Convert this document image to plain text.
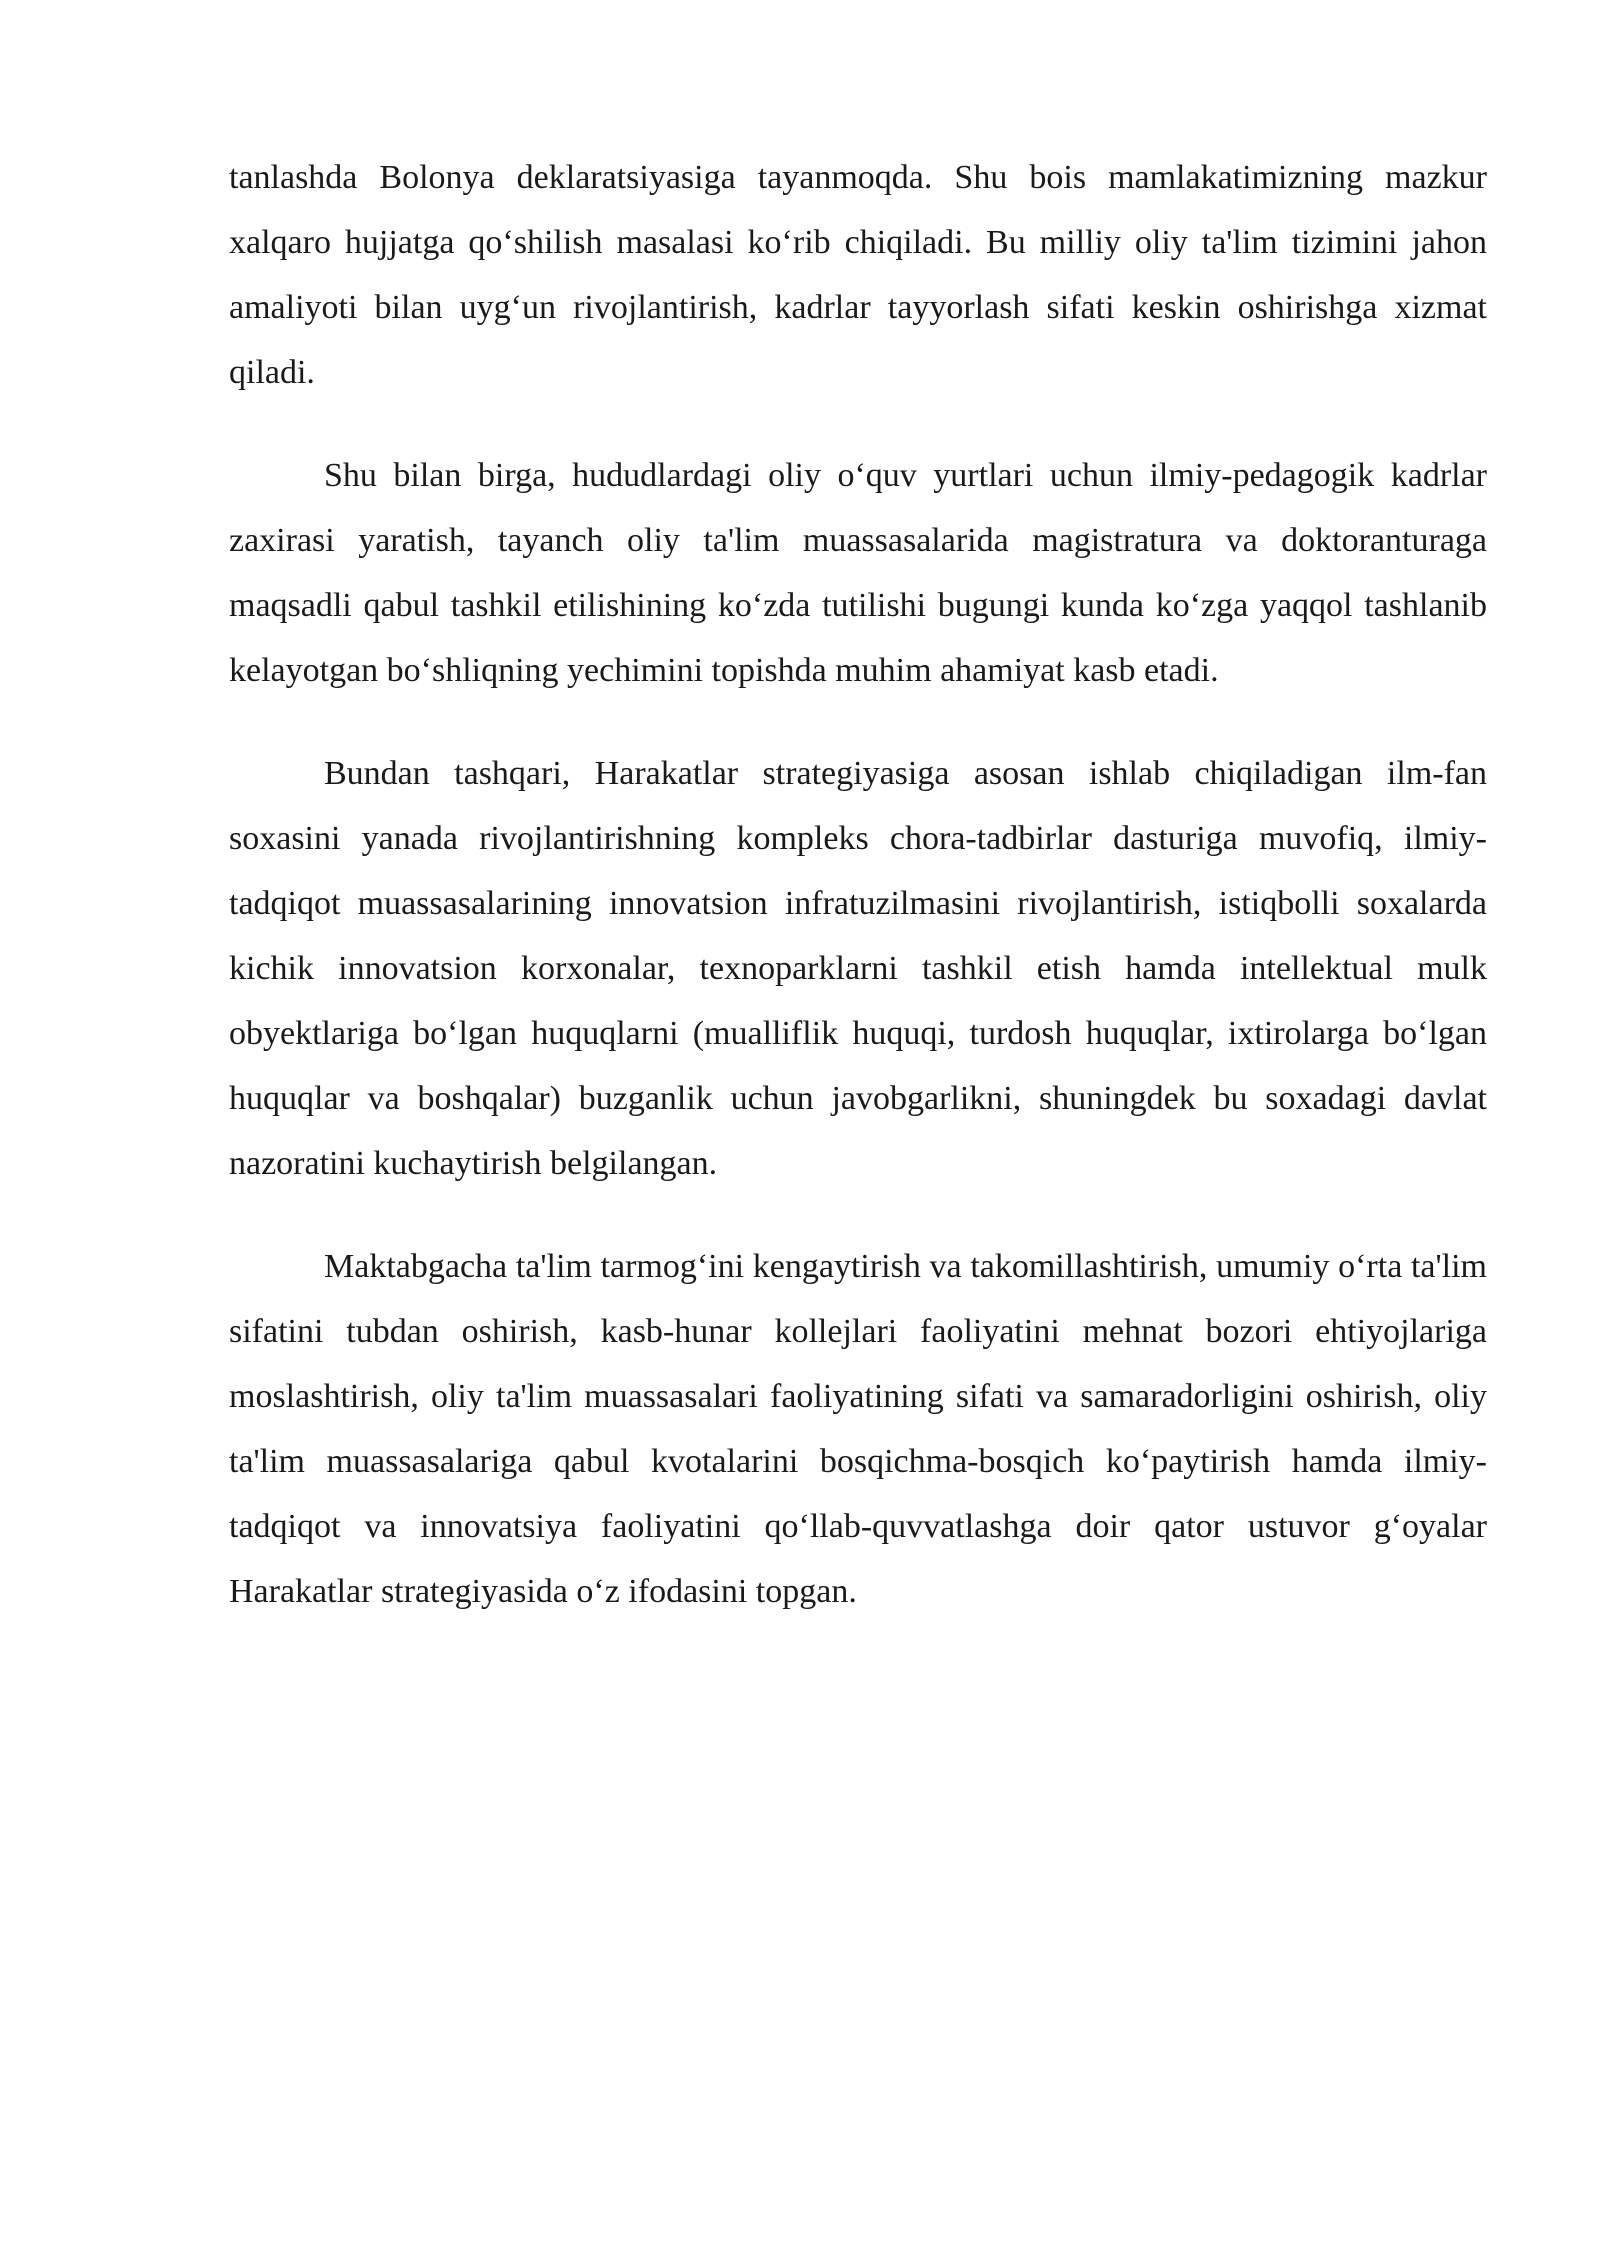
tanlashda Bolonya deklaratsiyasiga tayanmoqda. Shu bois mamlakatimizning mazkur xalqaro hujjatga qo‘shilish masalasi ko‘rib chiqiladi. Bu milliy oliy ta'lim tizimini jahon amaliyoti bilan uyg‘un rivojlantirish, kadrlar tayyorlash sifati keskin oshirishga xizmat qiladi.

Shu bilan birga, hududlardagi oliy o‘quv yurtlari uchun ilmiy-pedagogik kadrlar zaxirasi yaratish, tayanch oliy ta'lim muassasalarida magistratura va doktoranturaga maqsadli qabul tashkil etilishining ko‘zda tutilishi bugungi kunda ko‘zga yaqqol tashlanib kelayotgan bo‘shliqning yechimini topishda muhim ahamiyat kasb etadi.

Bundan tashqari, Harakatlar strategiyasiga asosan ishlab chiqiladigan ilm-fan soxasini yanada rivojlantirishning kompleks chora-tadbirlar dasturiga muvofiq, ilmiy-tadqiqot muassasalarining innovatsion infratuzilmasini rivojlantirish, istiqbolli soxalarda kichik innovatsion korxonalar, texnoparklarni tashkil etish hamda intellektual mulk obyektlariga bo‘lgan huquqlarni (mualliflik huquqi, turdosh huquqlar, ixtirolarga bo‘lgan huquqlar va boshqalar) buzganlik uchun javobgarlikni, shuningdek bu soxadagi davlat nazoratini kuchaytirish belgilangan.

Maktabgacha ta'lim tarmog‘ini kengaytirish va takomillashtirish, umumiy o‘rta ta'lim sifatini tubdan oshirish, kasb-hunar kollejlari faoliyatini mehnat bozori ehtiyojlariga moslashtirish, oliy ta'lim muassasalari faoliyatining sifati va samaradorligini oshirish, oliy ta'lim muassasalariga qabul kvotalarini bosqichma-bosqich ko‘paytirish hamda ilmiy-tadqiqot va innovatsiya faoliyatini qo‘llab-quvvatlashga doir qator ustuvor g‘oyalar Harakatlar strategiyasida o‘z ifodasini topgan.
